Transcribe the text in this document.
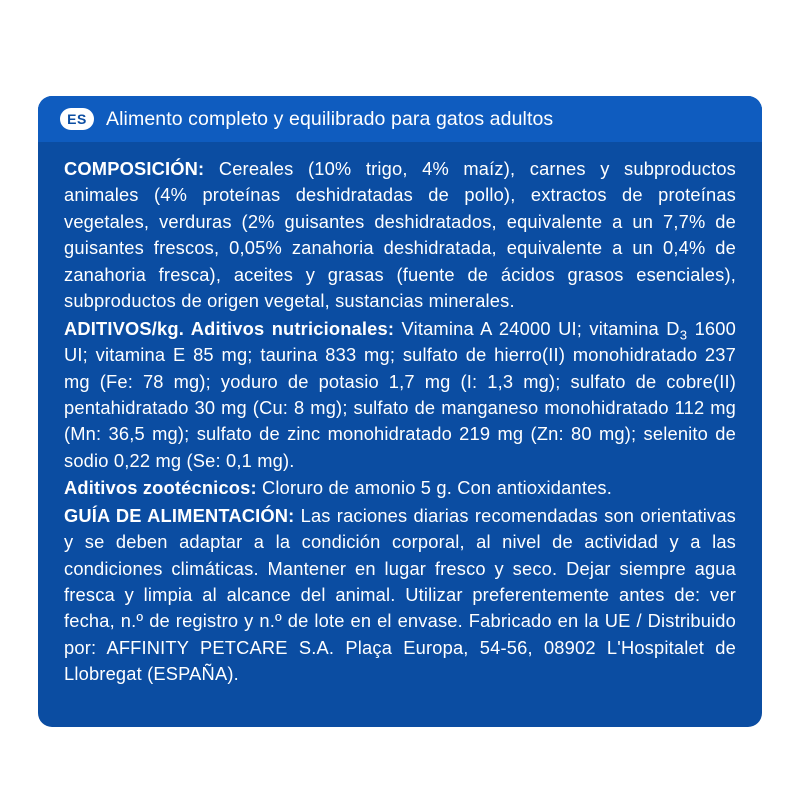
ES Alimento completo y equilibrado para gatos adultos

COMPOSICIÓN: Cereales (10% trigo, 4% maíz), carnes y subproductos animales (4% proteínas deshidratadas de pollo), extractos de proteínas vegetales, verduras (2% guisantes deshidratados, equivalente a un 7,7% de guisantes frescos, 0,05% zanahoria deshidratada, equivalente a un 0,4% de zanahoria fresca), aceites y grasas (fuente de ácidos grasos esenciales), subproductos de origen vegetal, sustancias minerales.

ADITIVOS/kg. Aditivos nutricionales: Vitamina A 24000 UI; vitamina $D_3$ 1600 UI; vitamina E 85 mg; taurina 833 mg; sulfato de hierro(II) monohidratado 237 mg (Fe: 78 mg); yoduro de potasio 1,7 mg (I: 1,3 mg); sulfato de cobre(II) pentahidratado 30 mg (Cu: 8 mg); sulfato de manganeso monohidratado 112 mg (Mn: 36,5 mg); sulfato de zinc monohidratado 219 mg (Zn: 80 mg); selenito de sodio 0,22 mg (Se: 0,1 mg).

Aditivos zootécnicos: Cloruro de amonio 5 g. Con antioxidantes.

GUÍA DE ALIMENTACIÓN: Las raciones diarias recomendadas son orientativas y se deben adaptar a la condición corporal, al nivel de actividad y a las condiciones climáticas. Mantener en lugar fresco y seco. Dejar siempre agua fresca y limpia al alcance del animal. Utilizar preferentemente antes de: ver fecha, n.º de registro y n.º de lote en el envase. Fabricado en la UE / Distribuido por: AFFINITY PETCARE S.A. Plaça Europa, 54-56, 08902 L'Hospitalet de Llobregat (ESPAÑA).
